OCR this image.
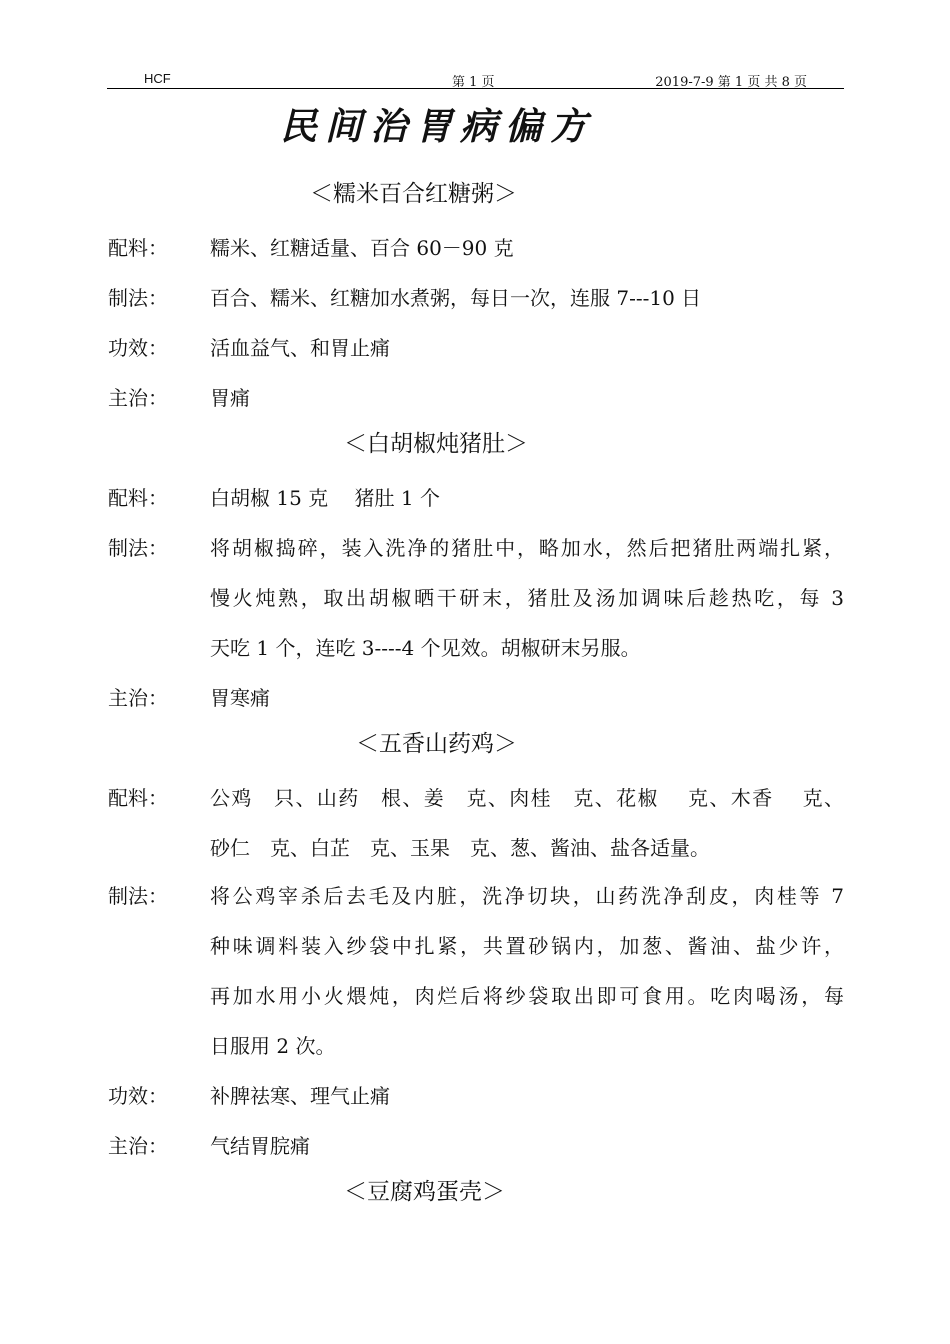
HCF	第 1 页	2019-7-9 第 1 页 共 8 页
民间治胃病偏方
＜糯米百合红糖粥＞
配料： 糯米、红糖适量、百合 60－90 克
制法： 百合、糯米、红糖加水煮粥，每日一次，连服 7---10 日
功效： 活血益气、和胃止痛
主治： 胃痛
＜白胡椒炖猪肚＞
配料： 白胡椒 15 克　 猪肚 1 个
制法： 将胡椒捣碎，装入洗净的猪肚中，略加水，然后把猪肚两端扎紧，
慢火炖熟，取出胡椒晒干研末，猪肚及汤加调味后趁热吃，每 3
天吃 1 个，连吃 3----4 个见效。胡椒研末另服。
主治： 胃寒痛
＜五香山药鸡＞
配料： 公鸡　只、山药　根、姜　克、肉桂　克、花椒　 克、木香　 克、
砂仁　克、白芷　克、玉果　克、葱、酱油、盐各适量。
制法： 将公鸡宰杀后去毛及内脏，洗净切块，山药洗净刮皮，肉桂等 7
种味调料装入纱袋中扎紧，共置砂锅内，加葱、酱油、盐少许，
再加水用小火煨炖，肉烂后将纱袋取出即可食用。吃肉喝汤，每
日服用 2 次。
功效： 补脾祛寒、理气止痛
主治： 气结胃脘痛
＜豆腐鸡蛋壳＞
